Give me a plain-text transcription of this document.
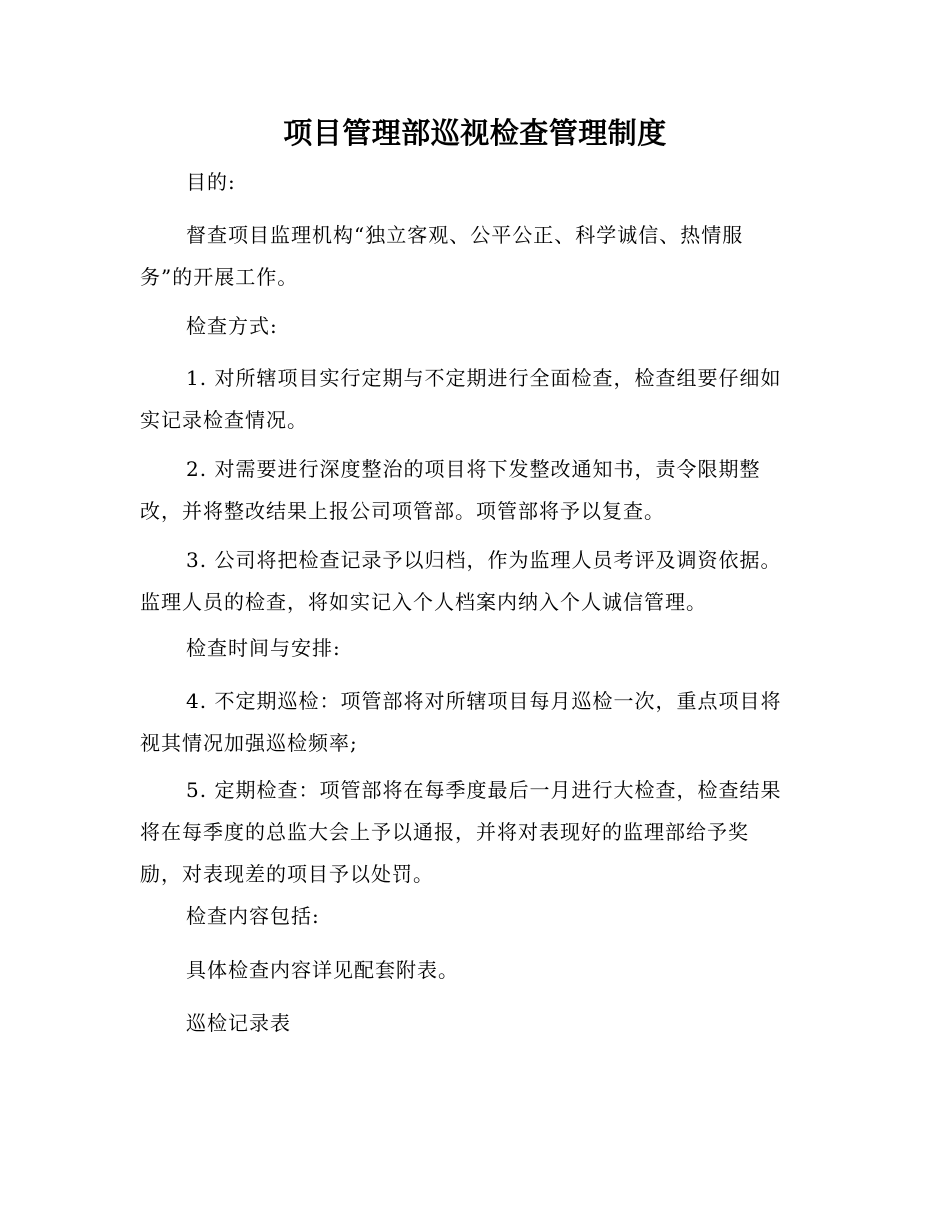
项目管理部巡视检查管理制度
目的:
督查项目监理机构“独立客观、公平公正、科学诚信、热情服
务”的开展工作。
检查方式:
1. 对所辖项目实行定期与不定期进行全面检查，检查组要仔细如
实记录检查情况。
2. 对需要进行深度整治的项目将下发整改通知书，责令限期整
改，并将整改结果上报公司项管部。项管部将予以复查。
3. 公司将把检查记录予以归档，作为监理人员考评及调资依据。
监理人员的检查，将如实记入个人档案内纳入个人诚信管理。
检查时间与安排:
4. 不定期巡检：项管部将对所辖项目每月巡检一次，重点项目将
视其情况加强巡检频率;
5. 定期检查：项管部将在每季度最后一月进行大检查，检查结果
将在每季度的总监大会上予以通报，并将对表现好的监理部给予奖
励，对表现差的项目予以处罚。
检查内容包括:
具体检查内容详见配套附表。
巡检记录表
